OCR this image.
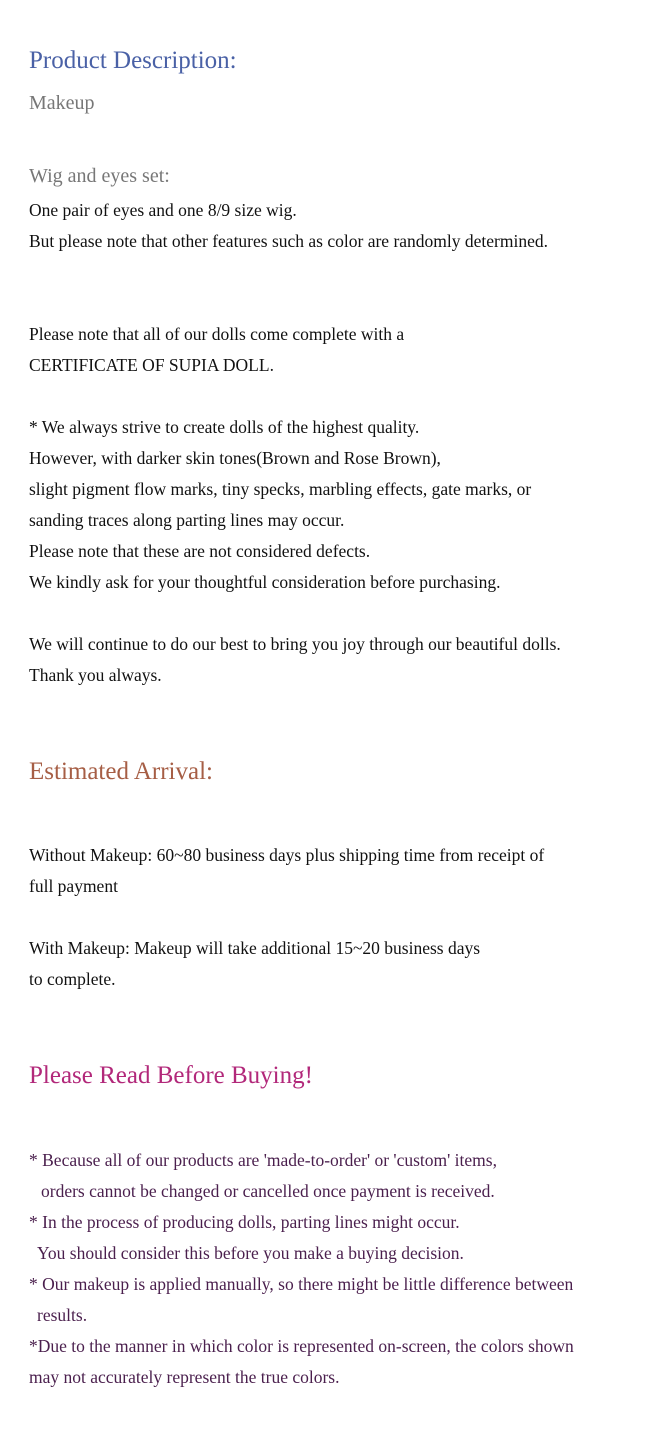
Product Description:
Makeup
Wig and eyes set:
One pair of eyes and one 8/9 size wig.
But please note that other features such as color are randomly determined.
Please note that all of our dolls come complete with a
CERTIFICATE OF SUPIA DOLL.
* We always strive to create dolls of the highest quality.
However, with darker skin tones(Brown and Rose Brown),
slight pigment flow marks, tiny specks, marbling effects, gate marks, or
sanding traces along parting lines may occur.
Please note that these are not considered defects.
We kindly ask for your thoughtful consideration before purchasing.
We will continue to do our best to bring you joy through our beautiful dolls.
Thank you always.
Estimated Arrival:
Without Makeup: 60~80 business days plus shipping time from receipt of
full payment
With Makeup: Makeup will take additional 15~20 business days
to complete.
Please Read Before Buying!
* Because all of our products are 'made-to-order' or 'custom' items,
orders cannot be changed or cancelled once payment is received.
* In the process of producing dolls, parting lines might occur.
You should consider this before you make a buying decision.
* Our makeup is applied manually, so there might be little difference between
results.
*Due to the manner in which color is represented on-screen, the colors shown
may not accurately represent the true colors.
